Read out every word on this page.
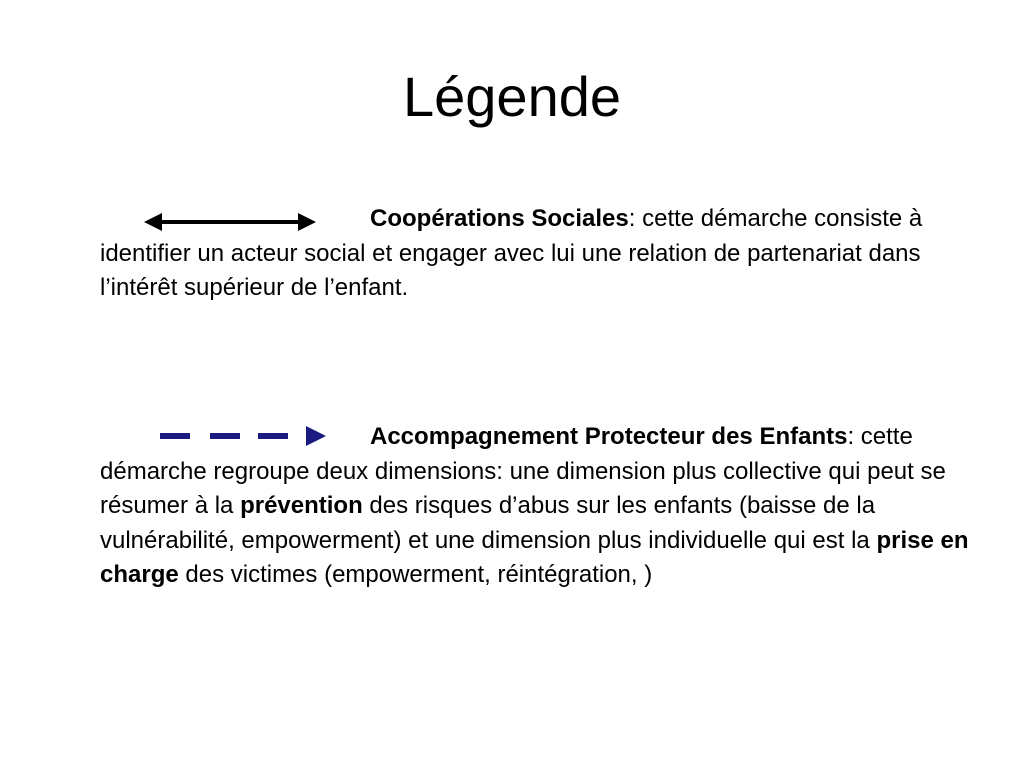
Légende

Coopérations Sociales: cette démarche consiste à identifier un acteur social et engager avec lui une relation de partenariat dans l’intérêt supérieur de l’enfant.

Accompagnement Protecteur des Enfants: cette démarche regroupe deux dimensions: une dimension plus collective qui peut se résumer à la prévention des risques d’abus sur les enfants (baisse de la vulnérabilité, empowerment) et une dimension plus individuelle qui est la prise en charge des victimes (empowerment, réintégration, )
